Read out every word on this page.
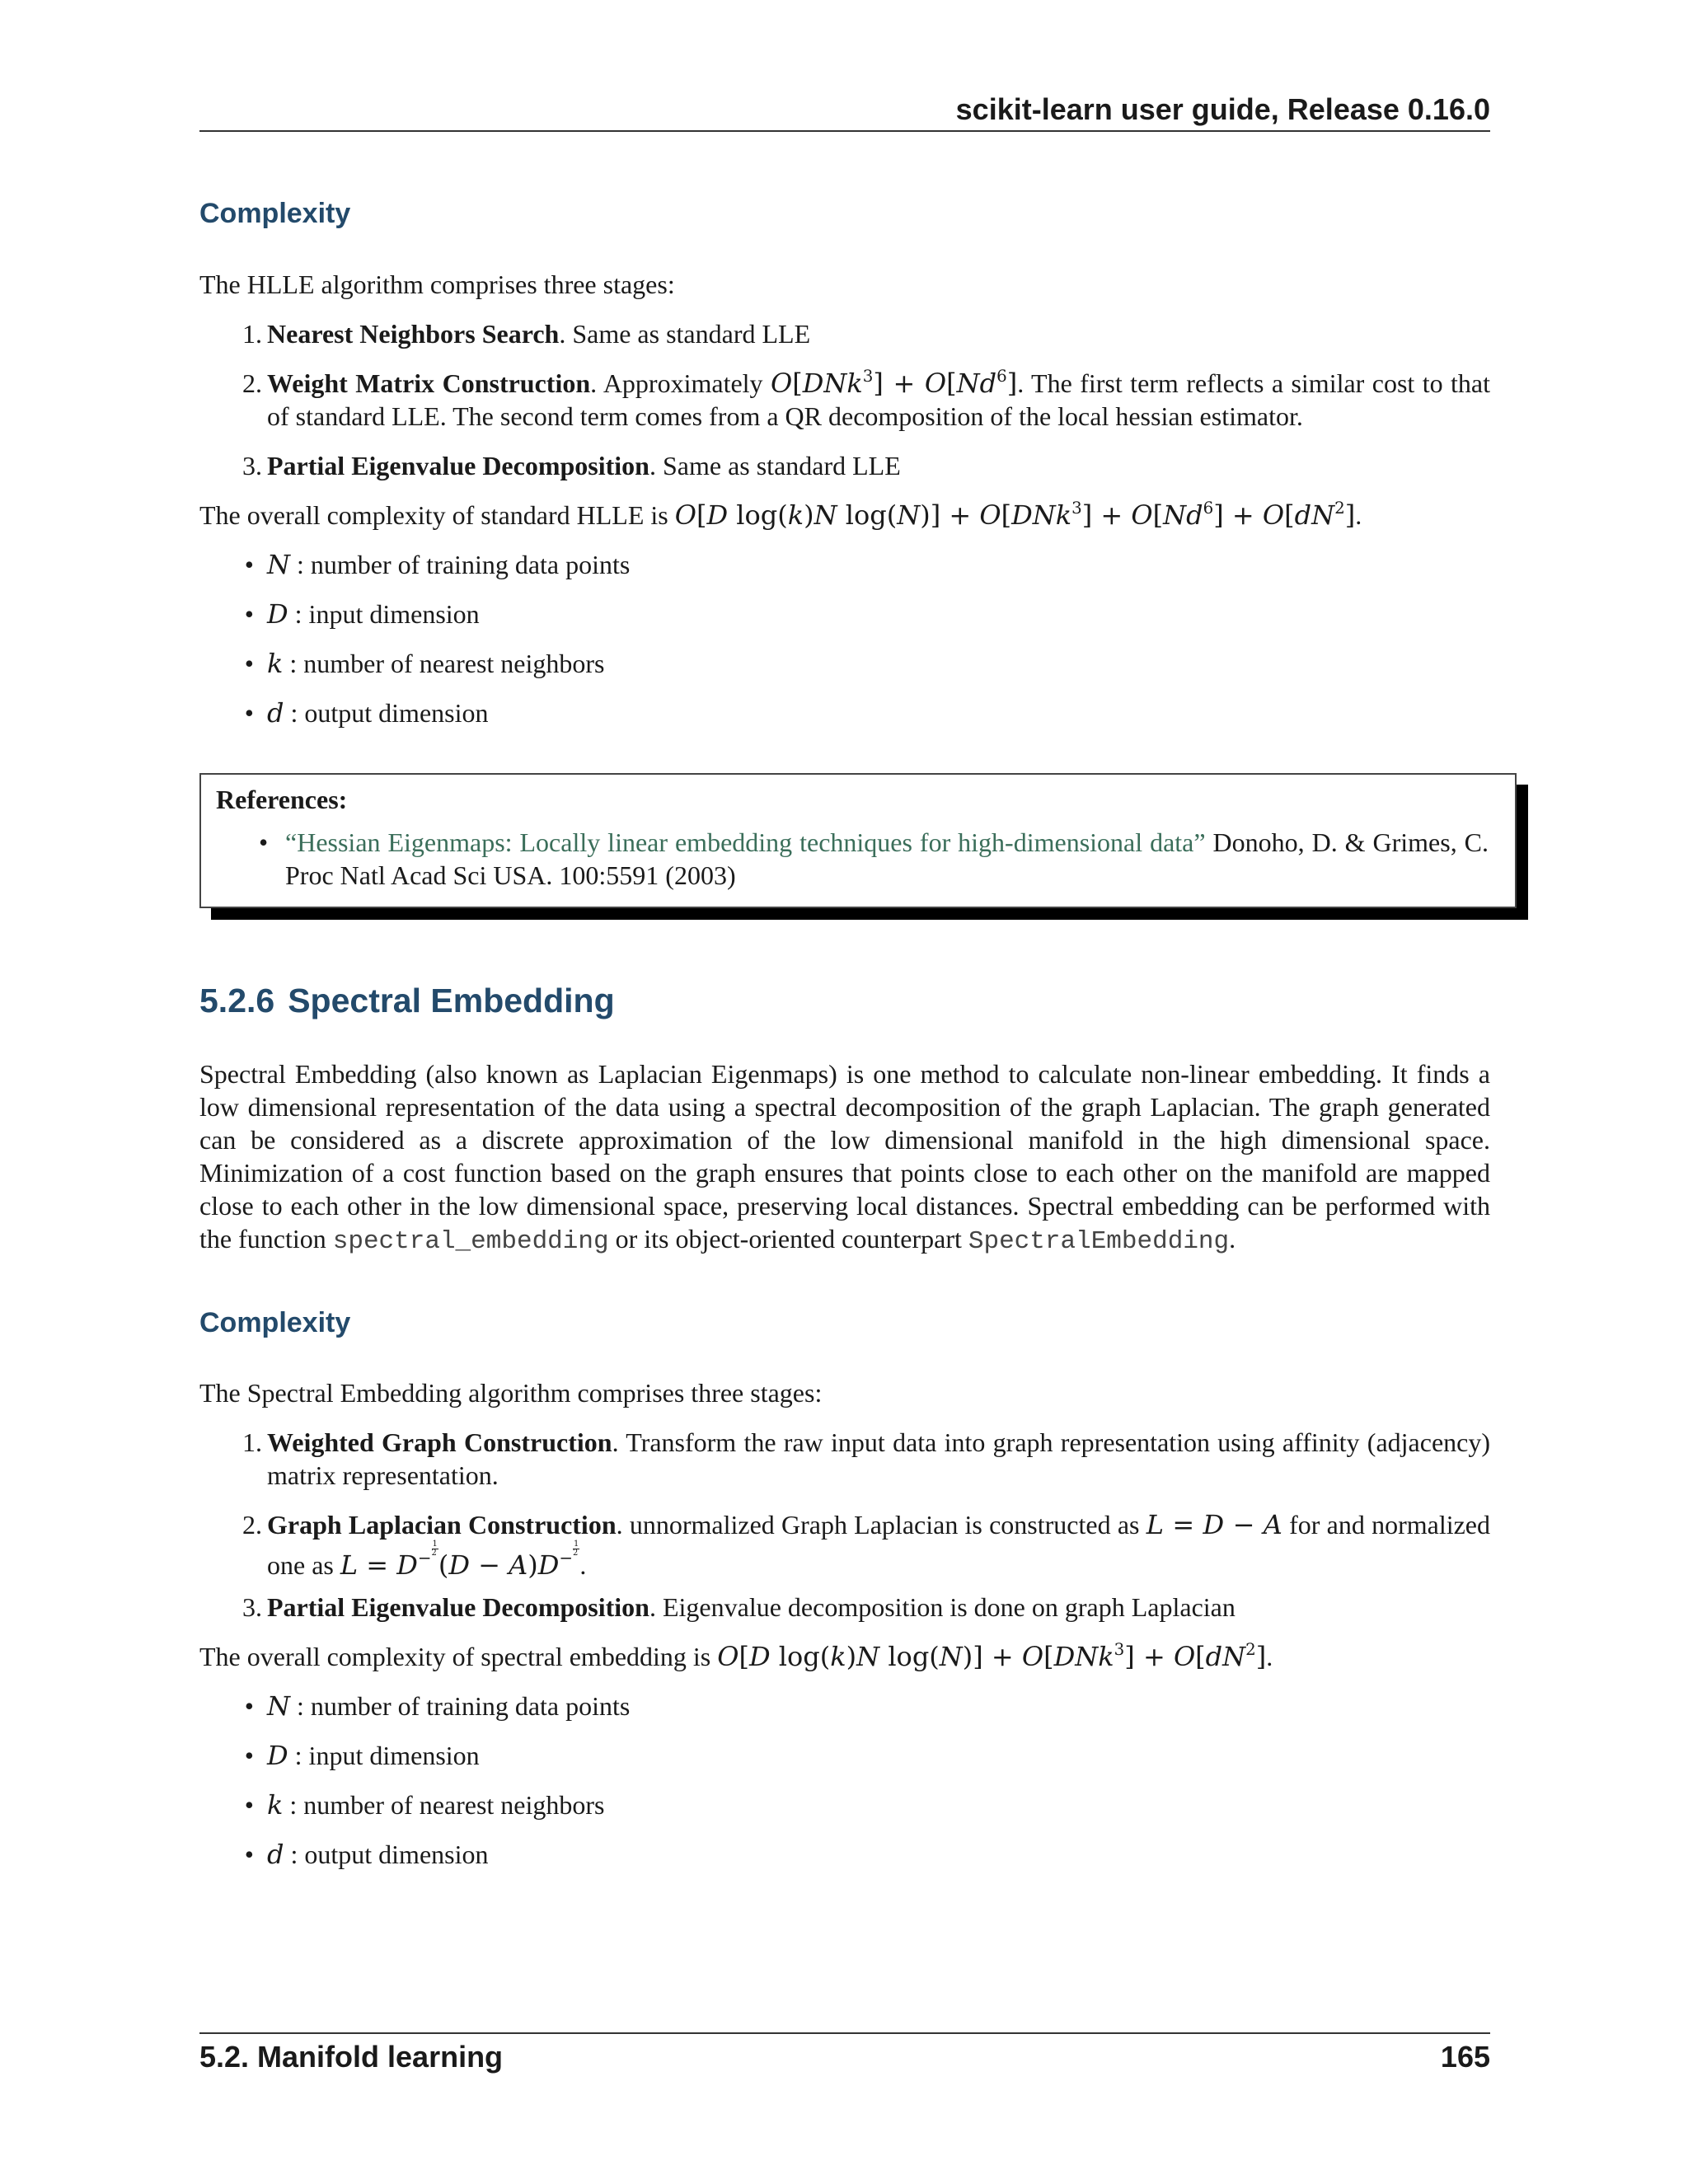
scikit-learn user guide, Release 0.16.0
Complexity
The HLLE algorithm comprises three stages:
1. Nearest Neighbors Search. Same as standard LLE
2. Weight Matrix Construction. Approximately $O[DNk^3] + O[Nd^6]$. The first term reflects a similar cost to that of standard LLE. The second term comes from a QR decomposition of the local hessian estimator.
3. Partial Eigenvalue Decomposition. Same as standard LLE
The overall complexity of standard HLLE is O[D log(k)N $\log(N)] + O[DNk^3] + O[Nd^6] + O[dN^2]$.
• N : number of training data points
• D : input dimension
• k : number of nearest neighbors
• d : output dimension
References:
• “Hessian Eigenmaps: Locally linear embedding techniques for high-dimensional data” Donoho, D. & Grimes, C. Proc Natl Acad Sci USA. 100:5591 (2003)
5.2.6 Spectral Embedding
Spectral Embedding (also known as Laplacian Eigenmaps) is one method to calculate non-linear embedding. It finds a low dimensional representation of the data using a spectral decomposition of the graph Laplacian. The graph generated can be considered as a discrete approximation of the low dimensional manifold in the high dimensional space. Minimization of a cost function based on the graph ensures that points close to each other on the manifold are mapped close to each other in the low dimensional space, preserving local distances. Spectral embedding can be performed with the function spectral_embedding or its object-oriented counterpart SpectralEmbedding.
Complexity
The Spectral Embedding algorithm comprises three stages:
1. Weighted Graph Construction. Transform the raw input data into graph representation using affinity (adjacency) matrix representation.
2. Graph Laplacian Construction. unnormalized Graph Laplacian is constructed as L = D − A for and normalized one as $L = D^{- \frac{1}{2}}$
$(D - A)D^{- \frac{1}{2}}$
.
3. Partial Eigenvalue Decomposition. Eigenvalue decomposition is done on graph Laplacian
The overall complexity of spectral embedding is O[D log(k)N $\log(N)] + O[DNk^3] + O[dN^2]$.
• N : number of training data points
• D : input dimension
• k : number of nearest neighbors
• d : output dimension
5.2. Manifold learning	165
